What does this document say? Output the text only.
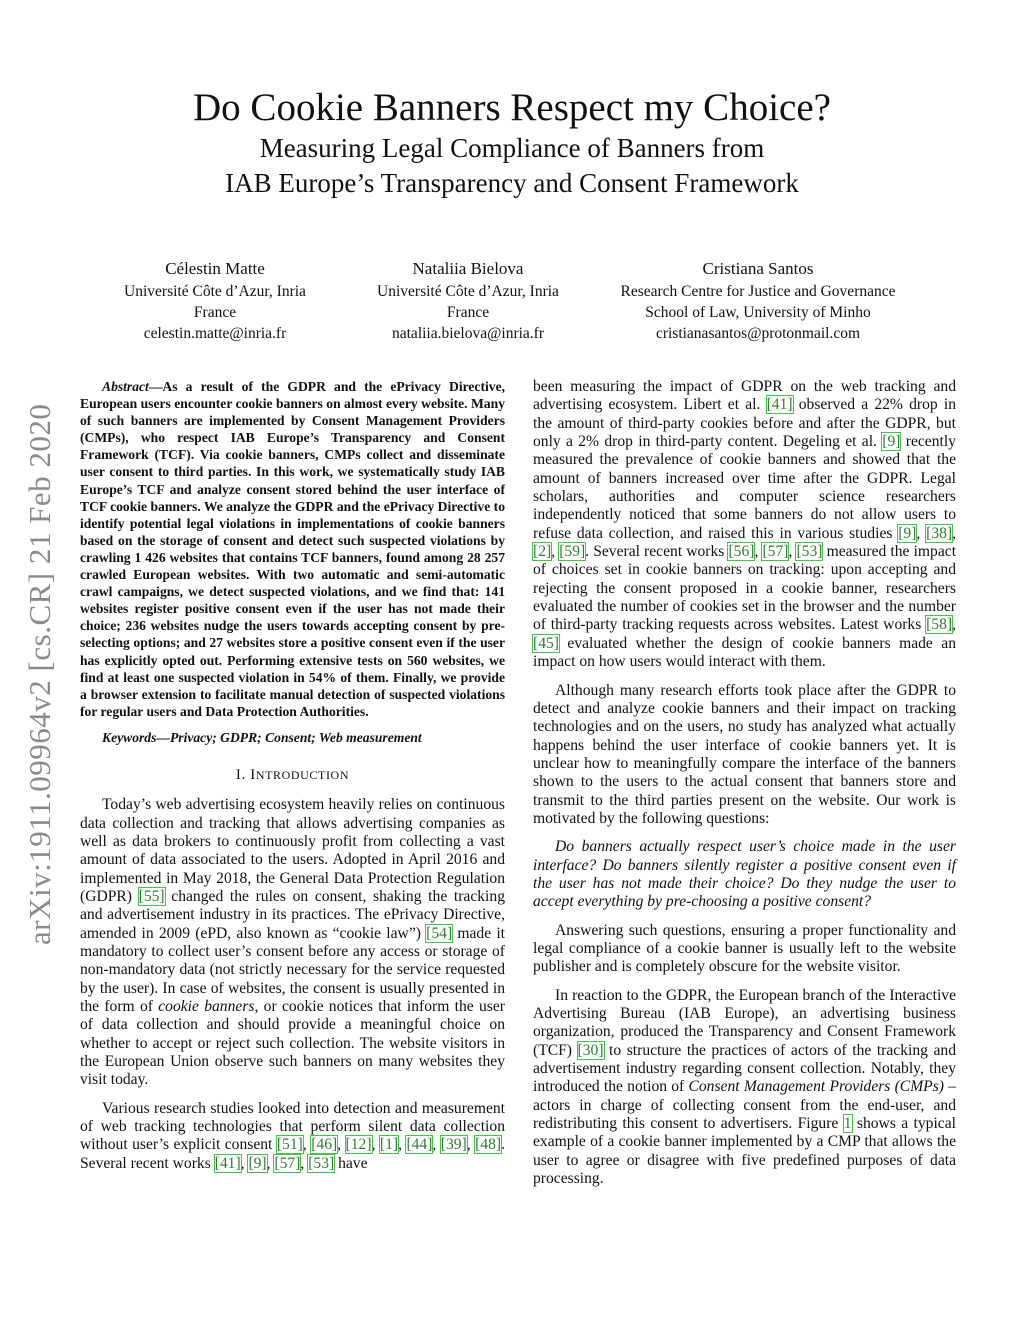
arXiv:1911.09964v2 [cs.CR] 21 Feb 2020
Do Cookie Banners Respect my Choice?
Measuring Legal Compliance of Banners from
IAB Europe’s Transparency and Consent Framework
Célestin Matte
Université Côte d’Azur, Inria
France
celestin.matte@inria.fr
Nataliia Bielova
Université Côte d’Azur, Inria
France
nataliia.bielova@inria.fr
Cristiana Santos
Research Centre for Justice and Governance
School of Law, University of Minho
cristianasantos@protonmail.com

Abstract—As a result of the GDPR and the ePrivacy Directive, European users encounter cookie banners on almost every website. Many of such banners are implemented by Consent Management Providers (CMPs), who respect IAB Europe’s Transparency and Consent Framework (TCF). Via cookie banners, CMPs collect and disseminate user consent to third parties. In this work, we systematically study IAB Europe’s TCF and analyze consent stored behind the user interface of TCF cookie banners. We analyze the GDPR and the ePrivacy Directive to identify potential legal violations in implementations of cookie banners based on the storage of consent and detect such suspected violations by crawling 1 426 websites that contains TCF banners, found among 28 257 crawled European websites. With two automatic and semi-automatic crawl campaigns, we detect suspected violations, and we find that: 141 websites register positive consent even if the user has not made their choice; 236 websites nudge the users towards accepting consent by pre-selecting options; and 27 websites store a positive consent even if the user has explicitly opted out. Performing extensive tests on 560 websites, we find at least one suspected violation in 54% of them. Finally, we provide a browser extension to facilitate manual detection of suspected violations for regular users and Data Protection Authorities.

Keywords—Privacy; GDPR; Consent; Web measurement

I. INTRODUCTION

Today’s web advertising ecosystem heavily relies on continuous data collection and tracking that allows advertising companies as well as data brokers to continuously profit from collecting a vast amount of data associated to the users. Adopted in April 2016 and implemented in May 2018, the General Data Protection Regulation (GDPR) [55] changed the rules on consent, shaking the tracking and advertisement industry in its practices. The ePrivacy Directive, amended in 2009 (ePD, also known as “cookie law”) [54] made it mandatory to collect user’s consent before any access or storage of non-mandatory data (not strictly necessary for the service requested by the user). In case of websites, the consent is usually presented in the form of cookie banners, or cookie notices that inform the user of data collection and should provide a meaningful choice on whether to accept or reject such collection. The website visitors in the European Union observe such banners on many websites they visit today.

Various research studies looked into detection and measurement of web tracking technologies that perform silent data collection without user’s explicit consent [51], [46], [12], [1], [44], [39], [48]. Several recent works [41], [9], [57], [53] have

been measuring the impact of GDPR on the web tracking and advertising ecosystem. Libert et al. [41] observed a 22% drop in the amount of third-party cookies before and after the GDPR, but only a 2% drop in third-party content. Degeling et al. [9] recently measured the prevalence of cookie banners and showed that the amount of banners increased over time after the GDPR. Legal scholars, authorities and computer science researchers independently noticed that some banners do not allow users to refuse data collection, and raised this in various studies [9], [38], [2], [59]. Several recent works [56], [57], [53] measured the impact of choices set in cookie banners on tracking: upon accepting and rejecting the consent proposed in a cookie banner, researchers evaluated the number of cookies set in the browser and the number of third-party tracking requests across websites. Latest works [58], [45] evaluated whether the design of cookie banners made an impact on how users would interact with them.

Although many research efforts took place after the GDPR to detect and analyze cookie banners and their impact on tracking technologies and on the users, no study has analyzed what actually happens behind the user interface of cookie banners yet. It is unclear how to meaningfully compare the interface of the banners shown to the users to the actual consent that banners store and transmit to the third parties present on the website. Our work is motivated by the following questions:

Do banners actually respect user’s choice made in the user interface? Do banners silently register a positive consent even if the user has not made their choice? Do they nudge the user to accept everything by pre-choosing a positive consent?

Answering such questions, ensuring a proper functionality and legal compliance of a cookie banner is usually left to the website publisher and is completely obscure for the website visitor.

In reaction to the GDPR, the European branch of the Interactive Advertising Bureau (IAB Europe), an advertising business organization, produced the Transparency and Consent Framework (TCF) [30] to structure the practices of actors of the tracking and advertisement industry regarding consent collection. Notably, they introduced the notion of Consent Management Providers (CMPs) – actors in charge of collecting consent from the end-user, and redistributing this consent to advertisers. Figure 1 shows a typical example of a cookie banner implemented by a CMP that allows the user to agree or disagree with five predefined purposes of data processing.
